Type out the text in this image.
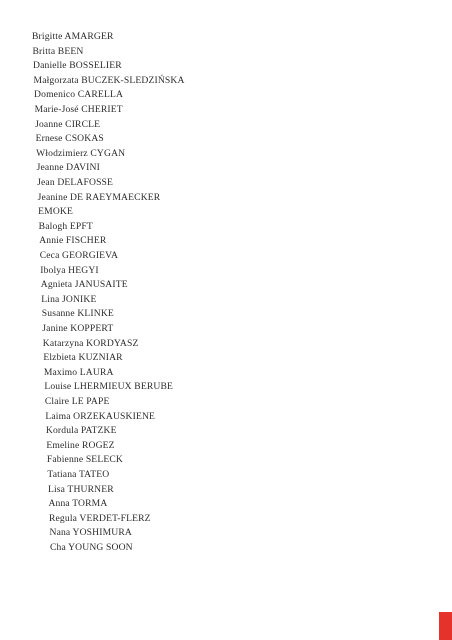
Brigitte AMARGER
Britta BEEN
Danielle BOSSELIER
Małgorzata BUCZEK-SLEDZIŃSKA
Domenico CARELLA
Marie-José CHERIET
Joanne CIRCLE
Ernese CSOKAS
Włodzimierz CYGAN
Jeanne DAVINI
Jean DELAFOSSE
Jeanine DE RAEYMAECKER
EMOKE
Balogh EPFT
Annie FISCHER
Ceca GEORGIEVA
Ibolya HEGYI
Agnieta JANUSAITE
Lina JONIKE
Susanne KLINKE
Janine KOPPERT
Katarzyna KORDYASZ
Elzbieta KUZNIAR
Maximo LAURA
Louise LHERMIEUX BERUBE
Claire LE PAPE
Laima ORZEKAUSKIENE
Kordula PATZKE
Emeline ROGEZ
Fabienne SELECK
Tatiana TATEO
Lisa THURNER
Anna TORMA
Regula VERDET-FLERZ
Nana YOSHIMURA
Cha YOUNG SOON
